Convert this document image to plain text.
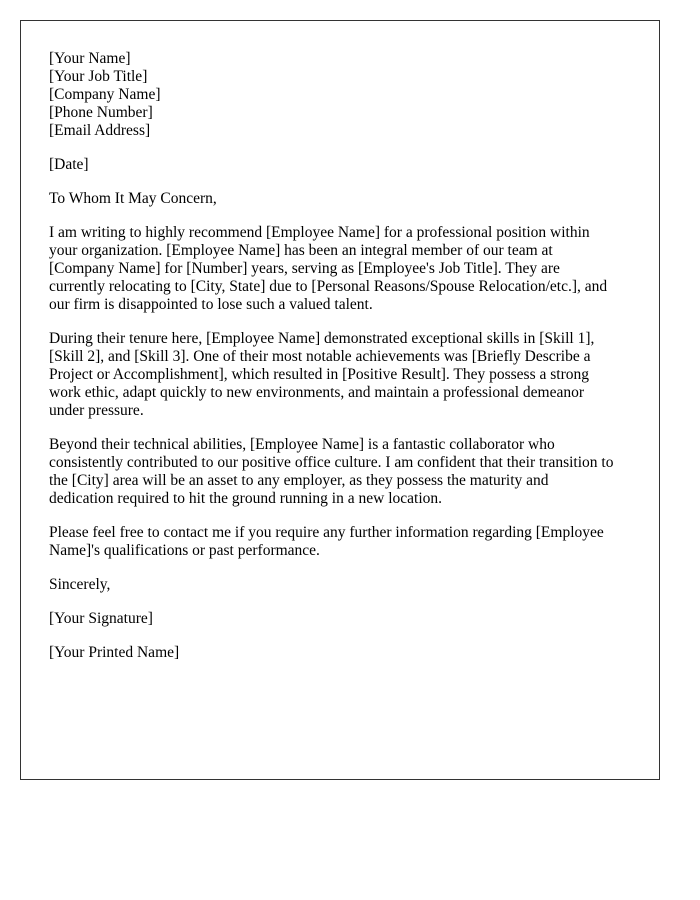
[Your Name]
[Your Job Title]
[Company Name]
[Phone Number]
[Email Address]
[Date]
To Whom It May Concern,
I am writing to highly recommend [Employee Name] for a professional position within
your organization. [Employee Name] has been an integral member of our team at
[Company Name] for [Number] years, serving as [Employee's Job Title]. They are
currently relocating to [City, State] due to [Personal Reasons/Spouse Relocation/etc.], and
our firm is disappointed to lose such a valued talent.
During their tenure here, [Employee Name] demonstrated exceptional skills in [Skill 1],
[Skill 2], and [Skill 3]. One of their most notable achievements was [Briefly Describe a
Project or Accomplishment], which resulted in [Positive Result]. They possess a strong
work ethic, adapt quickly to new environments, and maintain a professional demeanor
under pressure.
Beyond their technical abilities, [Employee Name] is a fantastic collaborator who
consistently contributed to our positive office culture. I am confident that their transition to
the [City] area will be an asset to any employer, as they possess the maturity and
dedication required to hit the ground running in a new location.
Please feel free to contact me if you require any further information regarding [Employee
Name]'s qualifications or past performance.
Sincerely,
[Your Signature]
[Your Printed Name]
